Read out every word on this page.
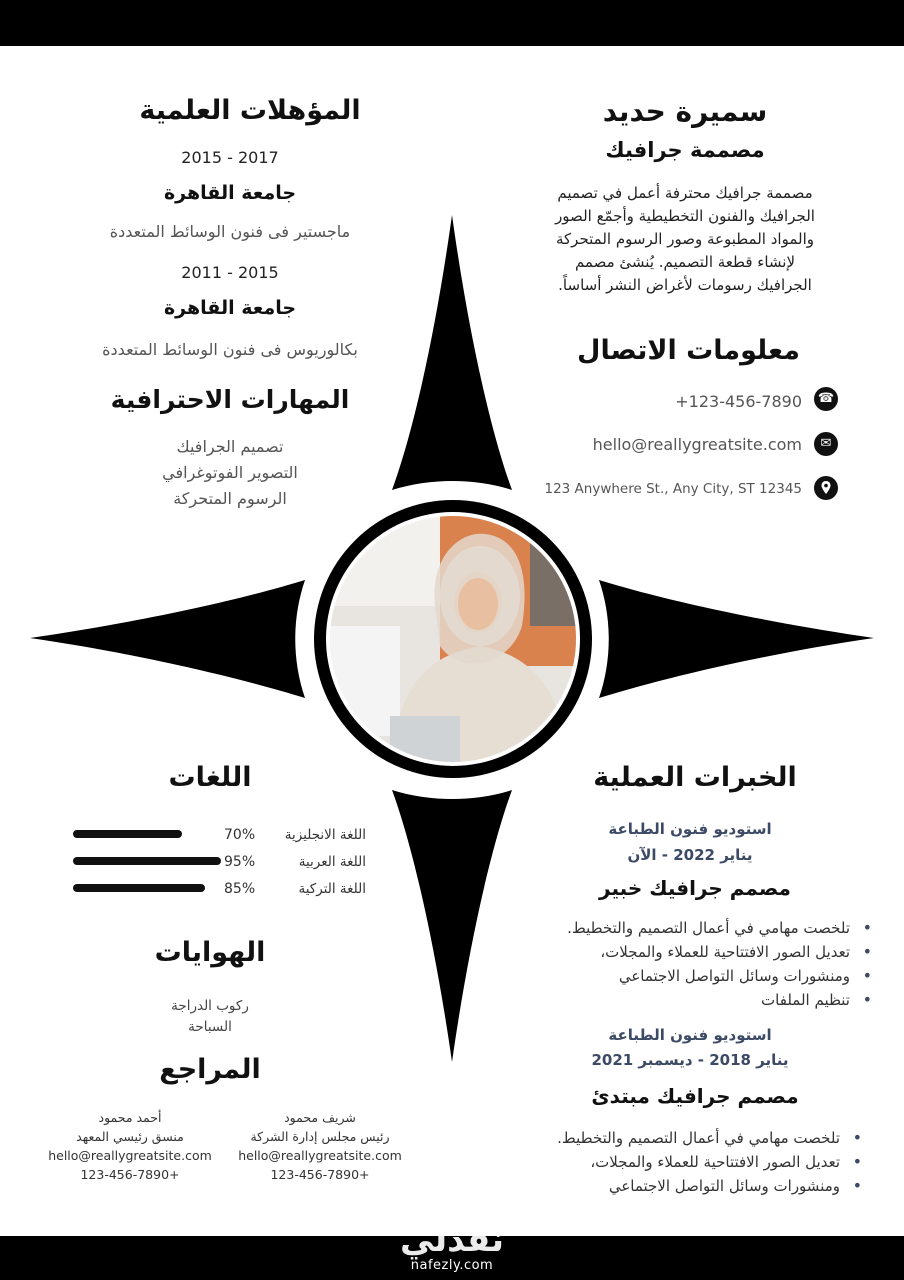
سميرة حديد
مصممة جرافيك
مصممة جرافيك محترفة أعمل في تصميم
الجرافيك والفنون التخطيطية وأجمّع الصور
والمواد المطبوعة وصور الرسوم المتحركة
لإنشاء قطعة التصميم. يُنشئ مصمم
الجرافيك رسومات لأغراض النشر أساساً.
معلومات الاتصال
☎
+123-456-7890
✉
hello@reallygreatsite.com
123 Anywhere St., Any City, ST 12345
المؤهلات العلمية
2015 - 2017
جامعة القاهرة
ماجستير فى فنون الوسائط المتعددة
2011 - 2015
جامعة القاهرة
بكالوريوس فى فنون الوسائط المتعددة
المهارات الاحترافية
تصميم الجرافيك
التصوير الفوتوغرافي
الرسوم المتحركة
الخبرات العملية
استوديو فنون الطباعة
يناير 2022 - الآن
مصمم جرافيك خبير
• تلخصت مهامي في أعمال التصميم والتخطيط.
• تعديل الصور الافتتاحية للعملاء والمجلات،
• ومنشورات وسائل التواصل الاجتماعي
• تنظيم الملفات
استوديو فنون الطباعة
يناير 2018 - ديسمبر 2021
مصمم جرافيك مبتدئ
• تلخصت مهامي في أعمال التصميم والتخطيط.
• تعديل الصور الافتتاحية للعملاء والمجلات،
• ومنشورات وسائل التواصل الاجتماعي
اللغات
اللغة الانجليزية
70%
اللغة العربية
95%
اللغة التركية
85%
الهوايات
ركوب الدراجة
السباحة
المراجع
شريف محمود
رئيس مجلس إدارة الشركة
hello@reallygreatsite.com
+123-456-7890
أحمد محمود
منسق رئيسي المعهد
hello@reallygreatsite.com
+123-456-7890
نفذلي
nafezly.com
